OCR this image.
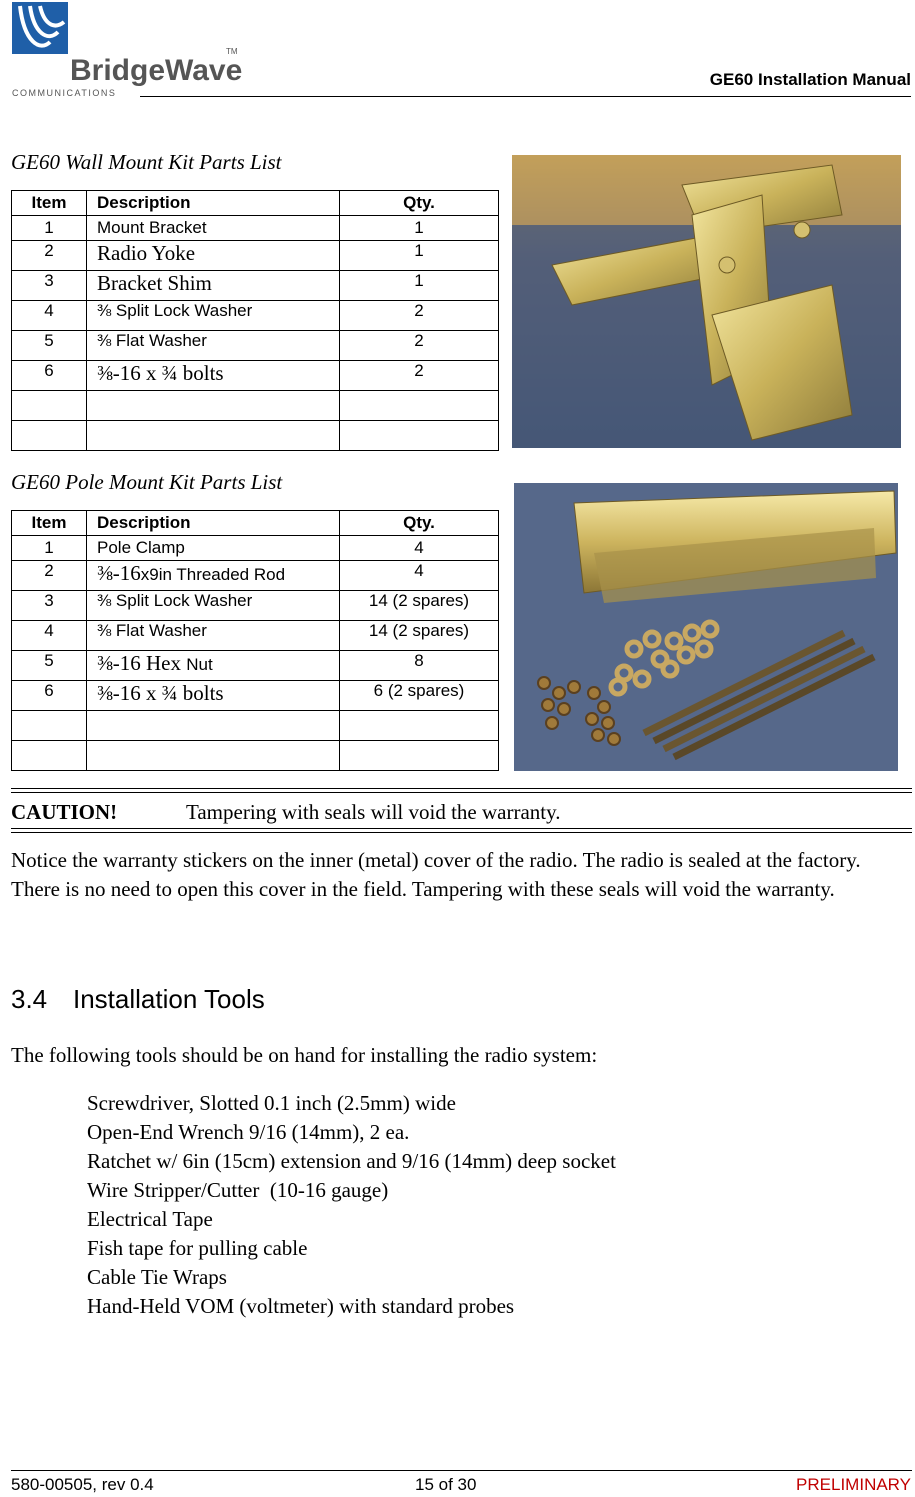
BridgeWave
TM
COMMUNICATIONS
GE60 Installation Manual
GE60 Wall Mount Kit Parts List
Item	Description	Qty.
1	Mount Bracket	1
2	Radio Yoke	1
3	Bracket Shim	1
4	⅜ Split Lock Washer	2
5	⅜ Flat Washer	2
6	⅜-16 x ¾ bolts	2

GE60 Pole Mount Kit Parts List
Item	Description	Qty.
1	Pole Clamp	4
2	⅜-16x9in Threaded Rod	4
3	⅜ Split Lock Washer	14 (2 spares)
4	⅜ Flat Washer	14 (2 spares)
5	⅜-16 Hex Nut	8
6	⅜-16 x ¾ bolts	6 (2 spares)

CAUTION!	Tampering with seals will void the warranty.
Notice the warranty stickers on the inner (metal) cover of the radio. The radio is sealed at the factory. There is no need to open this cover in the field. Tampering with these seals will void the warranty.
3.4 Installation Tools
The following tools should be on hand for installing the radio system:
Screwdriver, Slotted 0.1 inch (2.5mm) wide
Open-End Wrench 9/16 (14mm), 2 ea.
Ratchet w/ 6in (15cm) extension and 9/16 (14mm) deep socket
Wire Stripper/Cutter  (10-16 gauge)
Electrical Tape
Fish tape for pulling cable
Cable Tie Wraps
Hand-Held VOM (voltmeter) with standard probes
580-00505, rev 0.4	15 of 30	PRELIMINARY
